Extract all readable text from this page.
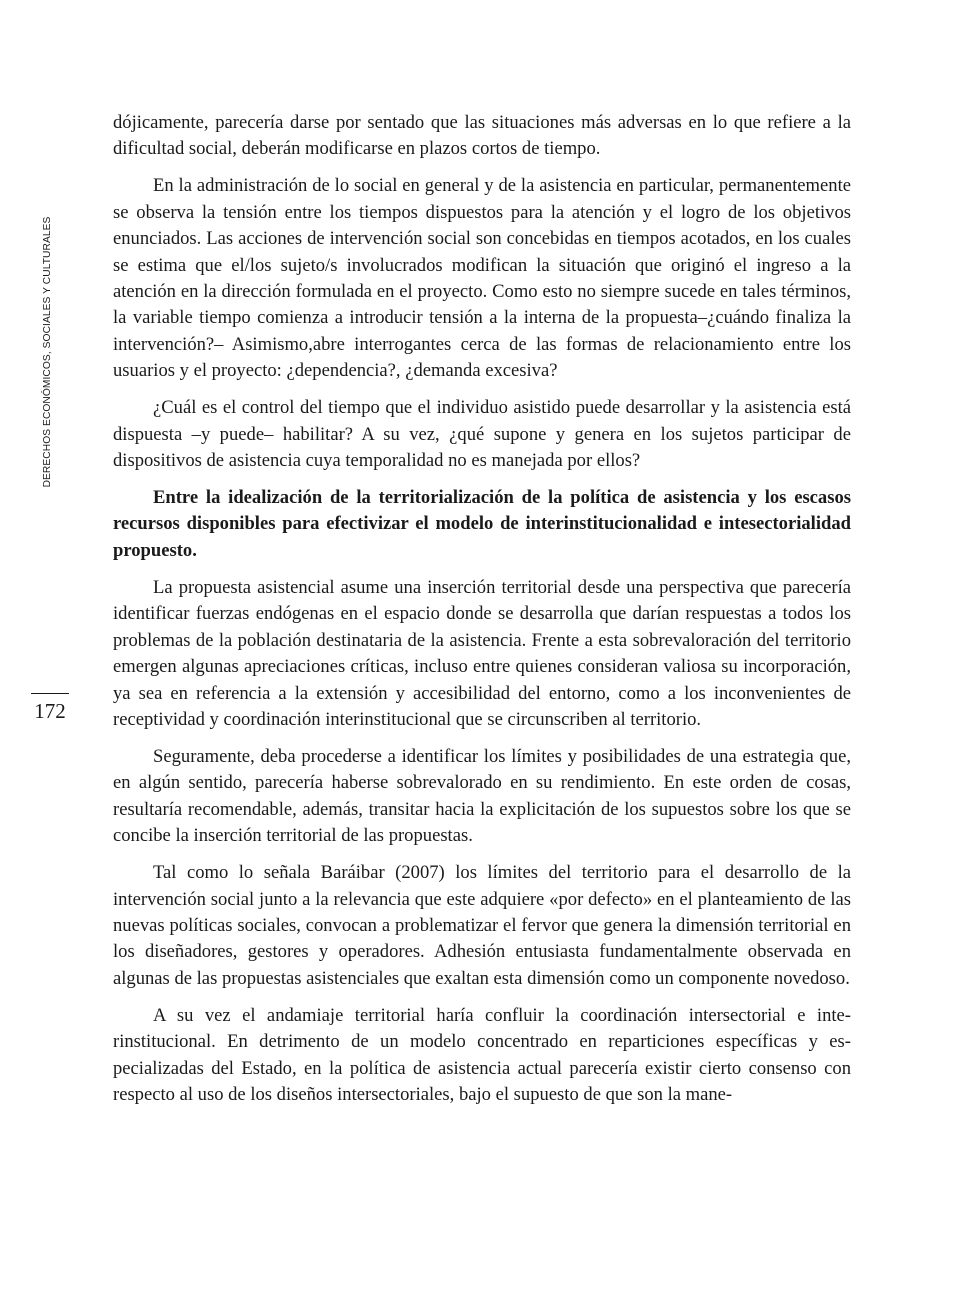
DERECHOS ECONÓMICOS, SOCIALES Y CULTURALES
172

dójicamente, parecería darse por sentado que las situaciones más adversas en lo que refiere a la dificultad social, deberán modificarse en plazos cortos de tiempo.

En la administración de lo social en general y de la asistencia en particular, permanentemente se observa la tensión entre los tiempos dispuestos para la atención y el logro de los objetivos enunciados. Las acciones de intervención social son concebidas en tiempos acotados, en los cuales se estima que el/los sujeto/s involucrados modifican la situación que originó el ingreso a la atención en la dirección formulada en el proyecto. Como esto no siempre sucede en tales términos, la variable tiempo comienza a introducir tensión a la interna de la propuesta–¿cuándo finaliza la intervención?– Asimismo,abre interrogantes cerca de las formas de relacionamiento entre los usuarios y el proyecto: ¿dependencia?, ¿demanda excesiva?

¿Cuál es el control del tiempo que el individuo asistido puede desarrollar y la asistencia está dispuesta –y puede– habilitar? A su vez, ¿qué supone y genera en los sujetos participar de dispositivos de asistencia cuya temporalidad no es manejada por ellos?

Entre la idealización de la territorialización de la política de asistencia y los escasos recursos disponibles para efectivizar el modelo de interinstitucionalidad e intesectorialidad propuesto.

La propuesta asistencial asume una inserción territorial desde una perspectiva que parecería identificar fuerzas endógenas en el espacio donde se desarrolla que darían respuestas a todos los problemas de la población destinataria de la asistencia. Frente a esta sobrevaloración del territorio emergen algunas apreciaciones críticas, incluso entre quienes consideran valiosa su incorporación, ya sea en referencia a la extensión y accesibilidad del entorno, como a los inconvenientes de receptividad y coordinación interinstitucional que se circunscriben al territorio.

Seguramente, deba procederse a identificar los límites y posibilidades de una estrategia que, en algún sentido, parecería haberse sobrevalorado en su rendimiento. En este orden de cosas, resultaría recomendable, además, transitar hacia la explicitación de los supuestos sobre los que se concibe la inserción territorial de las propuestas.

Tal como lo señala Baráibar (2007) los límites del territorio para el desarrollo de la intervención social junto a la relevancia que este adquiere «por defecto» en el planteamiento de las nuevas políticas sociales, convocan a problematizar el fervor que genera la dimensión territorial en los diseñadores, gestores y operadores. Adhesión entusiasta fundamentalmente observada en algunas de las propuestas asistenciales que exaltan esta dimensión como un componente novedoso.

A su vez el andamiaje territorial haría confluir la coordinación intersectorial e interinstitucional. En detrimento de un modelo concentrado en reparticiones específicas y especializadas del Estado, en la política de asistencia actual parecería existir cierto consenso con respecto al uso de los diseños intersectoriales, bajo el supuesto de que son la mane-
